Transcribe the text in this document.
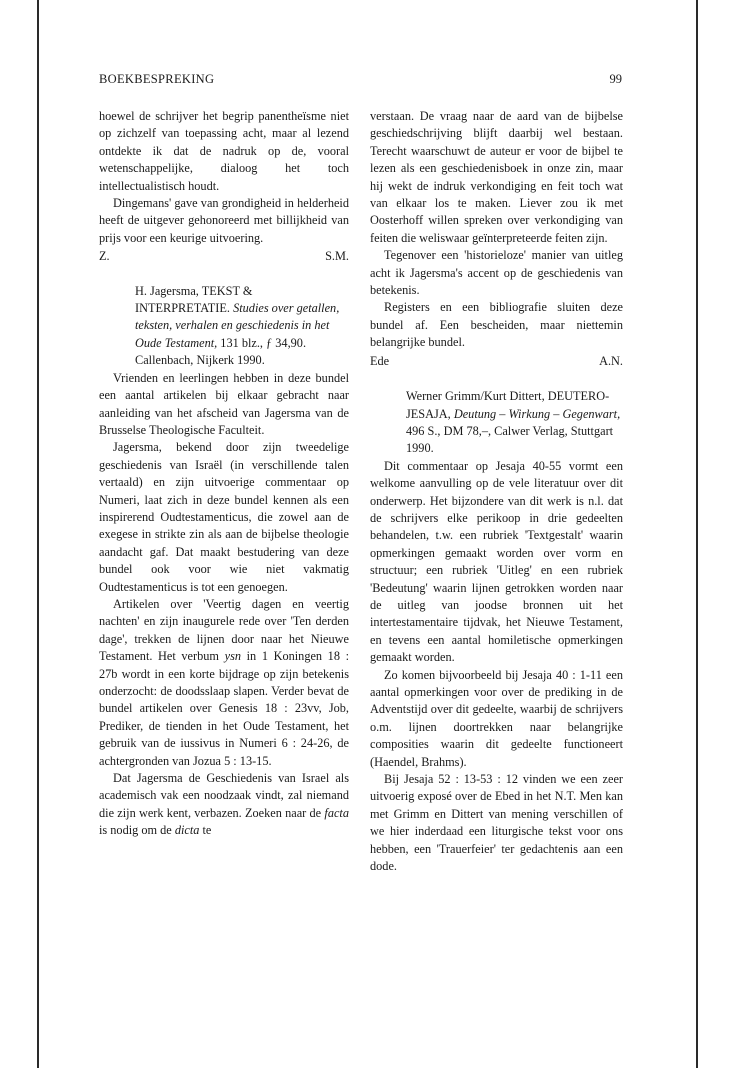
BOEKBESPREKING	99

hoewel de schrijver het begrip panentheïsme niet op zichzelf van toepassing acht, maar al lezend ontdekte ik dat de nadruk op de, vooral wetenschappelijke, dialoog het toch intellectualistisch houdt.

Dingemans' gave van grondigheid in helderheid heeft de uitgever gehonoreerd met billijkheid van prijs voor een keurige uitvoering.

Z.	S.M.

H. Jagersma, TEKST & INTERPRETATIE. Studies over getallen, teksten, verhalen en geschiedenis in het Oude Testament, 131 blz., ƒ 34,90. Callenbach, Nijkerk 1990.

Vrienden en leerlingen hebben in deze bundel een aantal artikelen bij elkaar gebracht naar aanleiding van het afscheid van Jagersma van de Brusselse Theologische Faculteit.

Jagersma, bekend door zijn tweedelige geschiedenis van Israël (in verschillende talen vertaald) en zijn uitvoerige commentaar op Numeri, laat zich in deze bundel kennen als een inspirerend Oudtestamenticus, die zowel aan de exegese in strikte zin als aan de bijbelse theologie aandacht gaf. Dat maakt bestudering van deze bundel ook voor wie niet vakmatig Oudtestamenticus is tot een genoegen.

Artikelen over 'Veertig dagen en veertig nachten' en zijn inaugurele rede over 'Ten derden dage', trekken de lijnen door naar het Nieuwe Testament. Het verbum ysn in 1 Koningen 18 : 27b wordt in een korte bijdrage op zijn betekenis onderzocht: de doodsslaap slapen. Verder bevat de bundel artikelen over Genesis 18 : 23vv, Job, Prediker, de tienden in het Oude Testament, het gebruik van de iussivus in Numeri 6 : 24-26, de achtergronden van Jozua 5 : 13-15.

Dat Jagersma de Geschiedenis van Israel als academisch vak een noodzaak vindt, zal niemand die zijn werk kent, verbazen. Zoeken naar de facta is nodig om de dicta te

verstaan. De vraag naar de aard van de bijbelse geschiedschrijving blijft daarbij wel bestaan. Terecht waarschuwt de auteur er voor de bijbel te lezen als een geschiedenisboek in onze zin, maar hij wekt de indruk verkondiging en feit toch wat van elkaar los te maken. Liever zou ik met Oosterhoff willen spreken over verkondiging van feiten die weliswaar geïnterpreteerde feiten zijn.

Tegenover een 'historieloze' manier van uitleg acht ik Jagersma's accent op de geschiedenis van betekenis.

Registers en een bibliografie sluiten deze bundel af. Een bescheiden, maar niettemin belangrijke bundel.

Ede	A.N.

Werner Grimm/Kurt Dittert, DEUTERO-JESAJA, Deutung – Wirkung – Gegenwart, 496 S., DM 78,–, Calwer Verlag, Stuttgart 1990.

Dit commentaar op Jesaja 40-55 vormt een welkome aanvulling op de vele literatuur over dit onderwerp. Het bijzondere van dit werk is n.l. dat de schrijvers elke perikoop in drie gedeelten behandelen, t.w. een rubriek 'Textgestalt' waarin opmerkingen gemaakt worden over vorm en structuur; een rubriek 'Uitleg' en een rubriek 'Bedeutung' waarin lijnen getrokken worden naar de uitleg van joodse bronnen uit het intertestamentaire tijdvak, het Nieuwe Testament, en tevens een aantal homiletische opmerkingen gemaakt worden.

Zo komen bijvoorbeeld bij Jesaja 40 : 1-11 een aantal opmerkingen voor over de prediking in de Adventstijd over dit gedeelte, waarbij de schrijvers o.m. lijnen doortrekken naar belangrijke composities waarin dit gedeelte functioneert (Haendel, Brahms).

Bij Jesaja 52 : 13-53 : 12 vinden we een zeer uitvoerig exposé over de Ebed in het N.T. Men kan met Grimm en Dittert van mening verschillen of we hier inderdaad een liturgische tekst voor ons hebben, een 'Trauerfeier' ter gedachtenis aan een dode.
